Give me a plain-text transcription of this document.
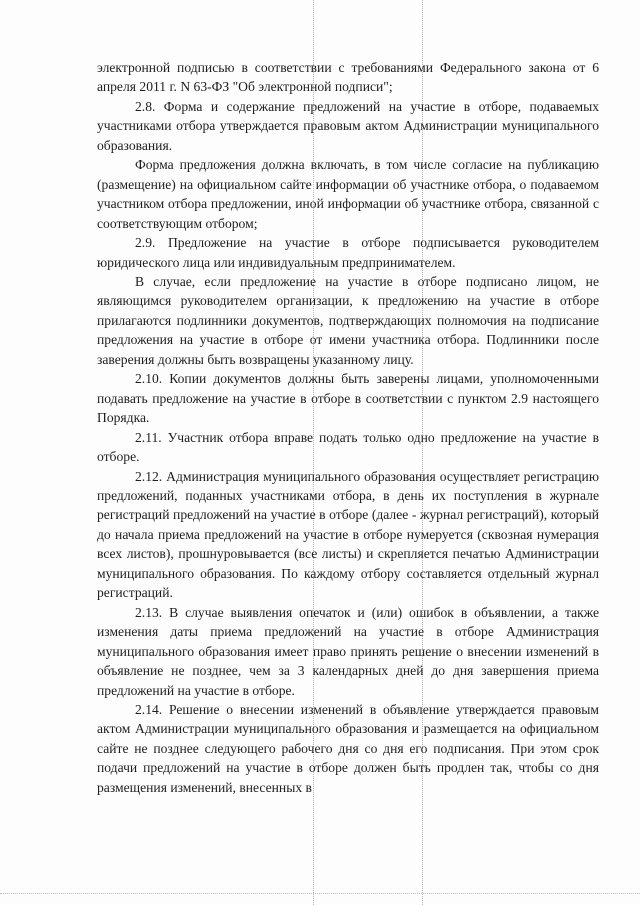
электронной подписью в соответствии с требованиями Федерального закона от 6 апреля 2011 г. N 63-ФЗ "Об электронной подписи";

2.8. Форма и содержание предложений на участие в отборе, подаваемых участниками отбора утверждается правовым актом Администрации муниципального образования.

Форма предложения должна включать, в том числе согласие на публикацию (размещение) на официальном сайте информации об участнике отбора, о подаваемом участником отбора предложении, иной информации об участнике отбора, связанной с соответствующим отбором;

2.9. Предложение на участие в отборе подписывается руководителем юридического лица или индивидуальным предпринимателем.

В случае, если предложение на участие в отборе подписано лицом, не являющимся руководителем организации, к предложению на участие в отборе прилагаются подлинники документов, подтверждающих полномочия на подписание предложения на участие в отборе от имени участника отбора. Подлинники после заверения должны быть возвращены указанному лицу.

2.10. Копии документов должны быть заверены лицами, уполномоченными подавать предложение на участие в отборе в соответствии с пунктом 2.9 настоящего Порядка.

2.11. Участник отбора вправе подать только одно предложение на участие в отборе.

2.12. Администрация муниципального образования осуществляет регистрацию предложений, поданных участниками отбора, в день их поступления в журнале регистраций предложений на участие в отборе (далее - журнал регистраций), который до начала приема предложений на участие в отборе нумеруется (сквозная нумерация всех листов), прошнуровывается (все листы) и скрепляется печатью Администрации муниципального образования. По каждому отбору составляется отдельный журнал регистраций.

2.13. В случае выявления опечаток и (или) ошибок в объявлении, а также изменения даты приема предложений на участие в отборе Администрация муниципального образования имеет право принять решение о внесении изменений в объявление не позднее, чем за 3 календарных дней до дня завершения приема предложений на участие в отборе.

2.14. Решение о внесении изменений в объявление утверждается правовым актом Администрации муниципального образования и размещается на официальном сайте не позднее следующего рабочего дня со дня его подписания. При этом срок подачи предложений на участие в отборе должен быть продлен так, чтобы со дня размещения изменений, внесенных в
